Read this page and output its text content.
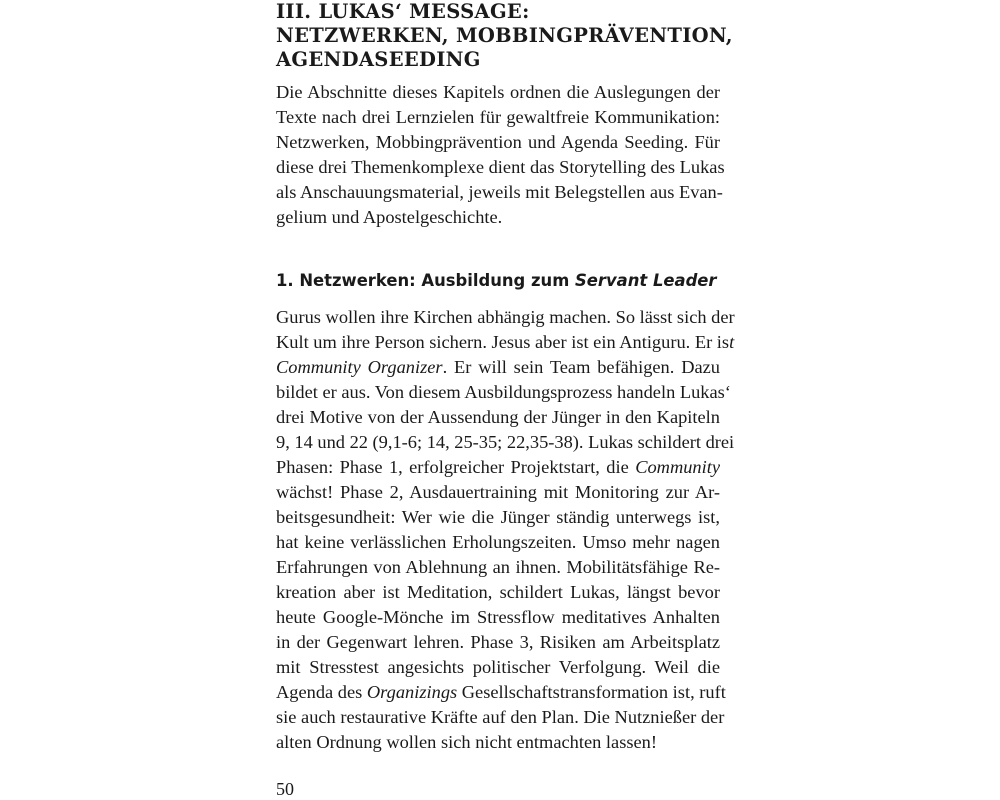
III. LUKAS‘ MESSAGE:
NETZWERKEN, MOBBINGPRÄVENTION,
AGENDASEEDING
Die Abschnitte dieses Kapitels ordnen die Auslegungen der
Texte nach drei Lernzielen für gewaltfreie Kommunikation:
Netzwerken, Mobbingprävention und Agenda Seeding. Für
diese drei Themenkomplexe dient das Storytelling des Lukas
als Anschauungsmaterial, jeweils mit Belegstellen aus Evan-
gelium und Apostelgeschichte.
1. Netzwerken: Ausbildung zum Servant Leader
Gurus wollen ihre Kirchen abhängig machen. So lässt sich der
Kult um ihre Person sichern. Jesus aber ist ein Antiguru. Er ist
Community Organizer. Er will sein Team befähigen. Dazu
bildet er aus. Von diesem Ausbildungsprozess handeln Lukas‘
drei Motive von der Aussendung der Jünger in den Kapiteln
9, 14 und 22 (9,1-6; 14, 25-35; 22,35-38). Lukas schildert drei
Phasen: Phase 1, erfolgreicher Projektstart, die Community
wächst! Phase 2, Ausdauertraining mit Monitoring zur Ar-
beitsgesundheit: Wer wie die Jünger ständig unterwegs ist,
hat keine verlässlichen Erholungszeiten. Umso mehr nagen
Erfahrungen von Ablehnung an ihnen. Mobilitätsfähige Re-
kreation aber ist Meditation, schildert Lukas, längst bevor
heute Google-Mönche im Stressflow meditatives Anhalten
in der Gegenwart lehren. Phase 3, Risiken am Arbeitsplatz
mit Stresstest angesichts politischer Verfolgung. Weil die
Agenda des Organizings Gesellschaftstransformation ist, ruft
sie auch restaurative Kräfte auf den Plan. Die Nutznießer der
alten Ordnung wollen sich nicht entmachten lassen!
50
